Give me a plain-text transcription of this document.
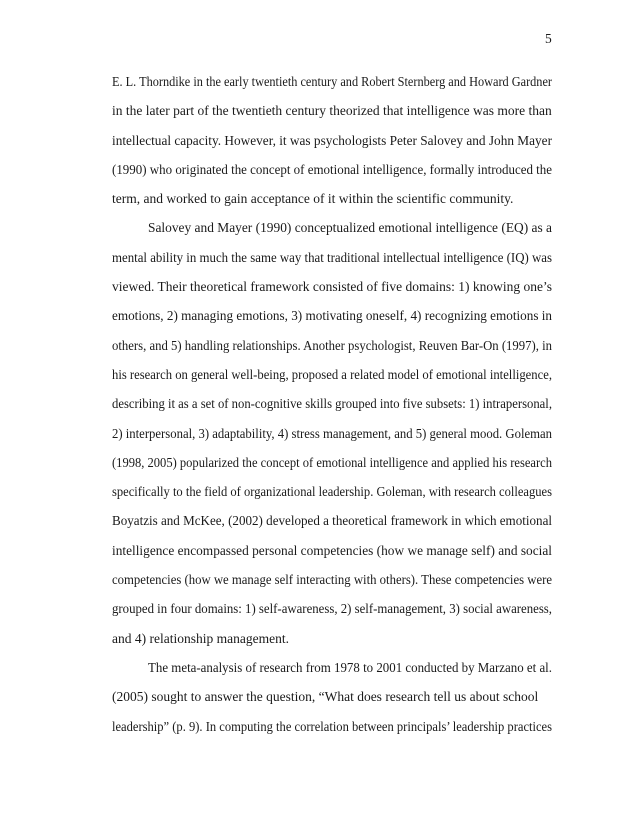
5
E. L. Thorndike in the early twentieth century and Robert Sternberg and Howard Gardner
in the later part of the twentieth century theorized that intelligence was more than
intellectual capacity. However, it was psychologists Peter Salovey and John Mayer
(1990) who originated the concept of emotional intelligence, formally introduced the
term, and worked to gain acceptance of it within the scientific community.
Salovey and Mayer (1990) conceptualized emotional intelligence (EQ) as a
mental ability in much the same way that traditional intellectual intelligence (IQ) was
viewed. Their theoretical framework consisted of five domains: 1) knowing one’s
emotions, 2) managing emotions, 3) motivating oneself, 4) recognizing emotions in
others, and 5) handling relationships. Another psychologist, Reuven Bar-On (1997), in
his research on general well-being, proposed a related model of emotional intelligence,
describing it as a set of non-cognitive skills grouped into five subsets: 1) intrapersonal,
2) interpersonal, 3) adaptability, 4) stress management, and 5) general mood. Goleman
(1998, 2005) popularized the concept of emotional intelligence and applied his research
specifically to the field of organizational leadership. Goleman, with research colleagues
Boyatzis and McKee, (2002) developed a theoretical framework in which emotional
intelligence encompassed personal competencies (how we manage self) and social
competencies (how we manage self interacting with others). These competencies were
grouped in four domains: 1) self-awareness, 2) self-management, 3) social awareness,
and 4) relationship management.
The meta-analysis of research from 1978 to 2001 conducted by Marzano et al.
(2005) sought to answer the question, “What does research tell us about school
leadership” (p. 9). In computing the correlation between principals’ leadership practices
